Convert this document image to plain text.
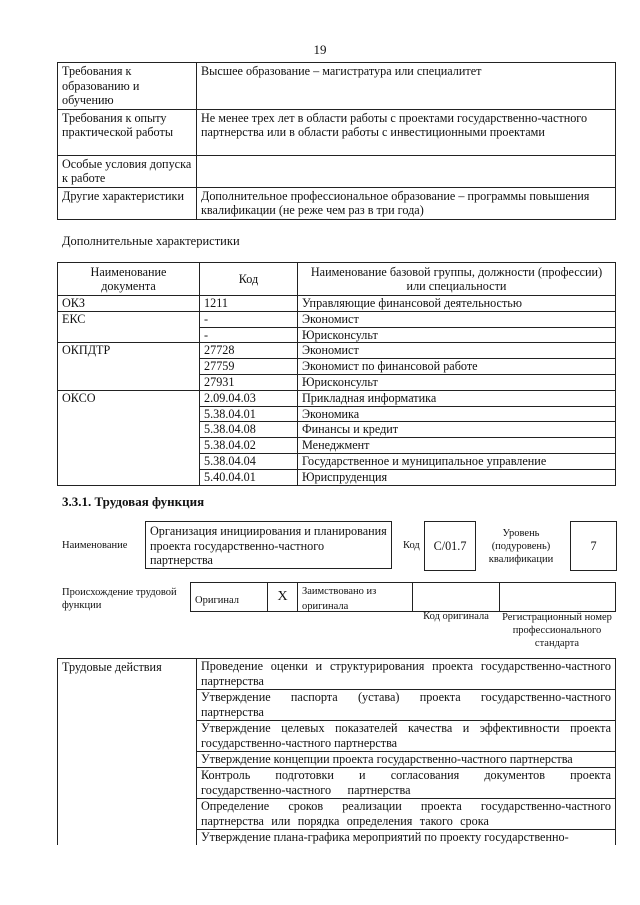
19
Требования к образованию и обучению	Высшее образование – магистратура или специалитет
Требования к опыту практической работы	Не менее трех лет в области работы с проектами государственно-частного партнерства или в области работы с инвестиционными проектами
Особые условия допуска к работе	
Другие характеристики	Дополнительное профессиональное образование – программы повышения квалификации (не реже чем раз в три года)
Дополнительные характеристики
Наименование документа	Код	Наименование базовой группы, должности (профессии) или специальности
ОКЗ	1211	Управляющие финансовой деятельностью
ЕКС	-	Экономист
	-	Юрисконсульт
ОКПДТР	27728	Экономист
	27759	Экономист по финансовой работе
	27931	Юрисконсульт
ОКСО	2.09.04.03	Прикладная информатика
	5.38.04.01	Экономика
	5.38.04.08	Финансы и кредит
	5.38.04.02	Менеджмент
	5.38.04.04	Государственное и муниципальное управление
	5.40.04.01	Юриспруденция
3.3.1. Трудовая функция
Наименование
Организация инициирования и планирования проекта государственно-частного партнерства
Код	C/01.7
Уровень (подуровень) квалификации
7
Происхождение трудовой функции	Оригинал	X	Заимствовано из оригинала
Код оригинала	Регистрационный номер профессионального стандарта
Трудовые действия	Проведение оценки и структурирования проекта государственно-частного партнерства
Утверждение паспорта (устава) проекта государственно-частного партнерства
Утверждение целевых показателей качества и эффективности проекта государственно-частного партнерства
Утверждение концепции проекта государственно-частного партнерства
Контроль подготовки и согласования документов проекта государственно-частного партнерства
Определение сроков реализации проекта государственно-частного партнерства или порядка определения такого срока
Утверждение плана-графика мероприятий по проекту государственно-
